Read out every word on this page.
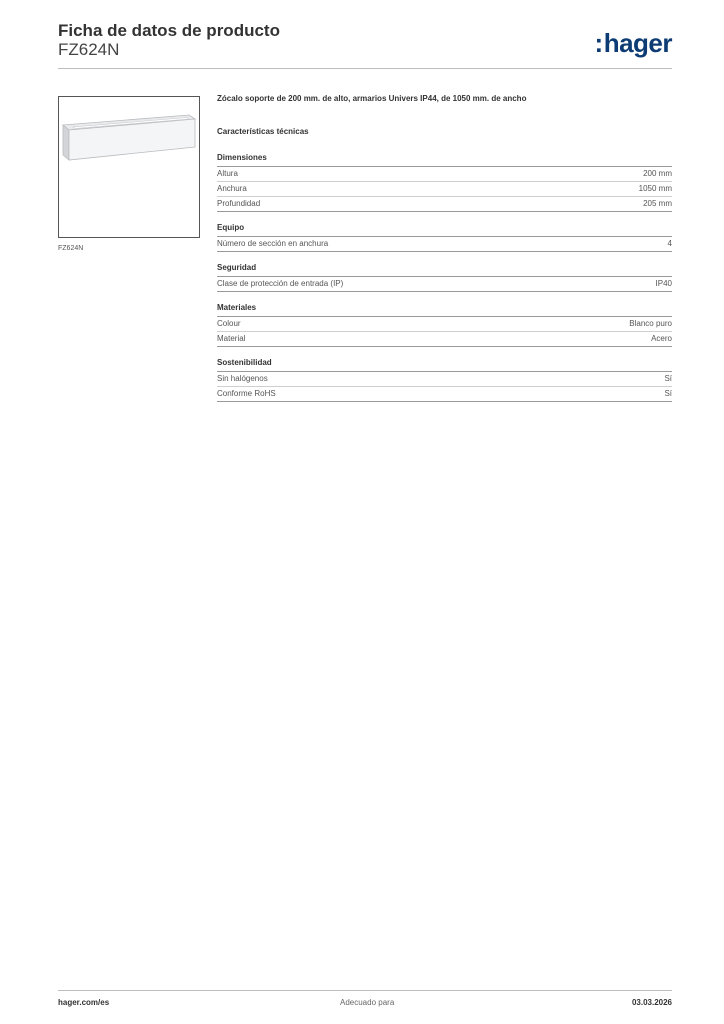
Ficha de datos de producto
FZ624N	:hager
FZ624N
Zócalo soporte de 200 mm. de alto, armarios Univers IP44, de 1050 mm. de ancho
Características técnicas
Dimensiones
Altura	200 mm
Anchura	1050 mm
Profundidad	205 mm
Equipo
Número de sección en anchura	4
Seguridad
Clase de protección de entrada (IP)	IP40
Materiales
Colour	Blanco puro
Material	Acero
Sostenibilidad
Sin halógenos	Sí
Conforme RoHS	Sí
hager.com/es	Adecuado para	03.03.2026
